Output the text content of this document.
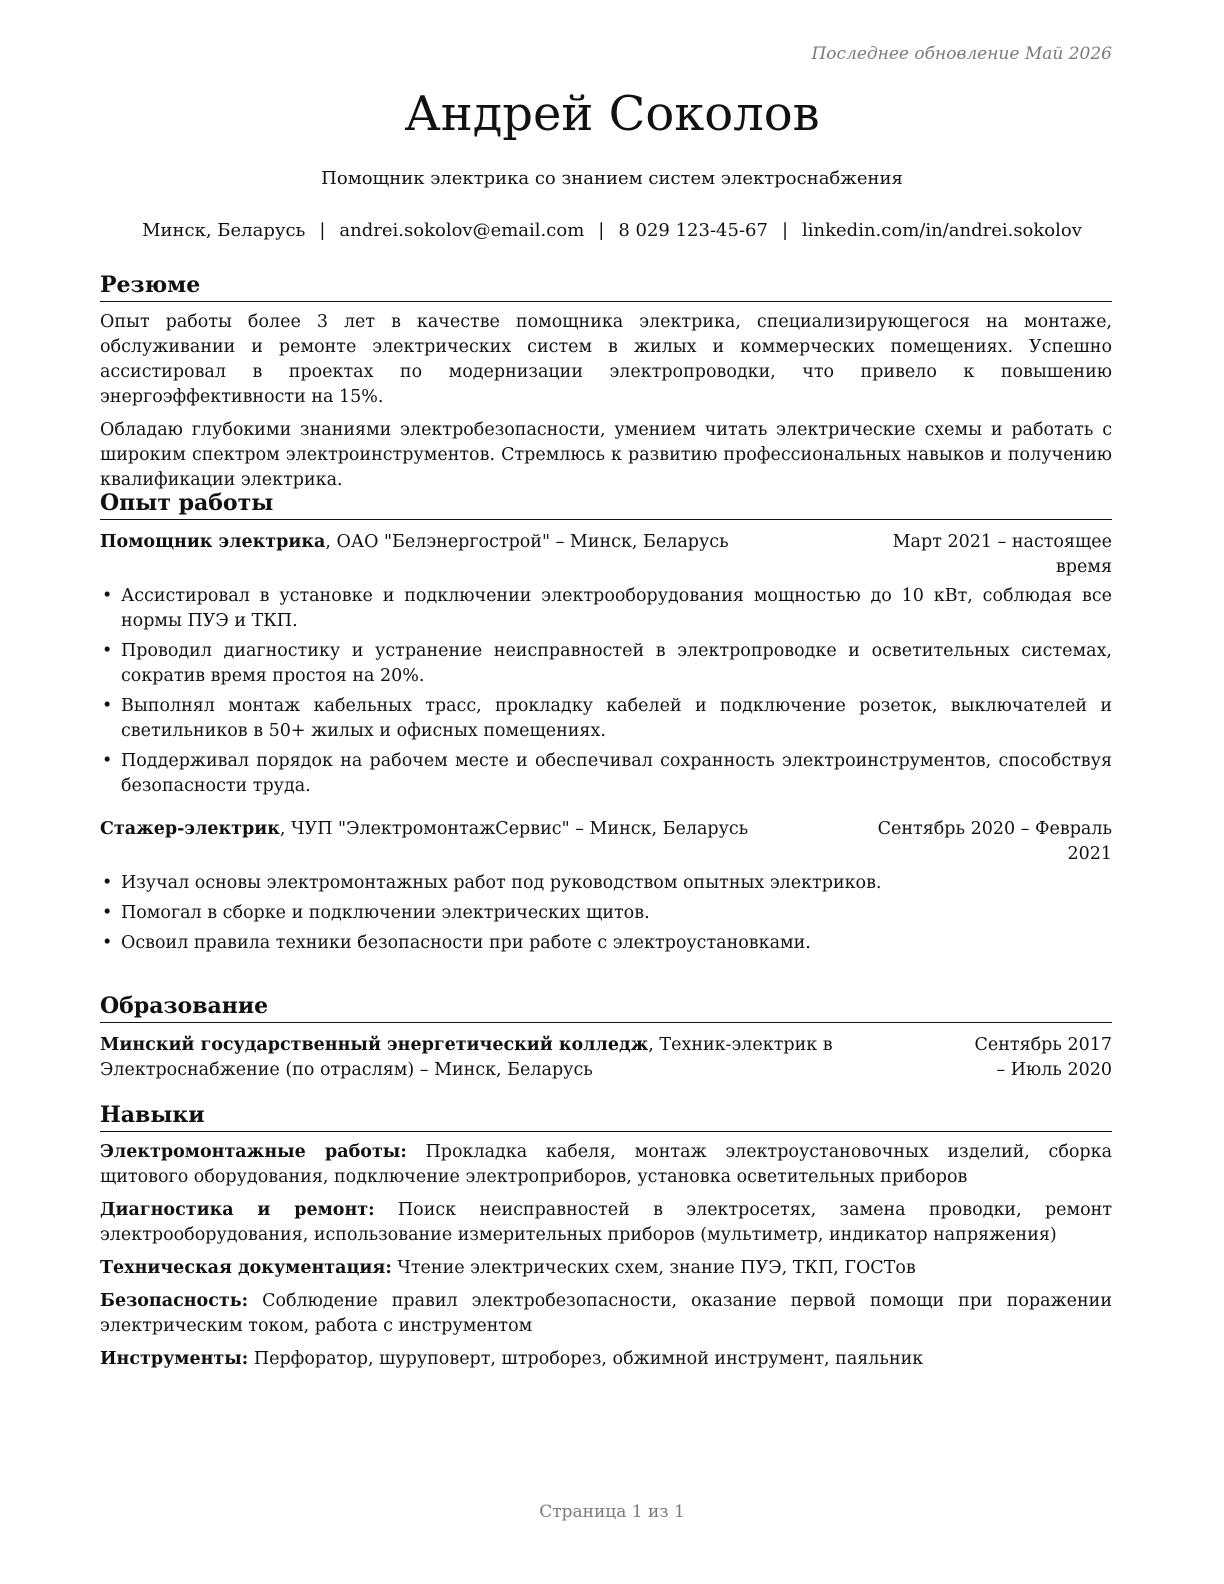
Последнее обновление Май 2026
Андрей Соколов
Помощник электрика со знанием систем электроснабжения
Минск, Беларусь | andrei.sokolov@email.com | 8 029 123-45-67 | linkedin.com/in/andrei.sokolov
Резюме

Опыт работы более 3 лет в качестве помощника электрика, специализирующегося на монтаже, обслуживании и ремонте электрических систем в жилых и коммерческих помещениях. Успешно ассистировал в проектах по модернизации электропроводки, что привело к повышению энергоэффективности на 15%.

Обладаю глубокими знаниями электробезопасности, умением читать электрические схемы и работать с широким спектром электроинструментов. Стремлюсь к развитию профессиональных навыков и получению квалификации электрика.

Опыт работы
Помощник электрика, ОАО "Белэнергострой" – Минск, Беларусь	Март 2021 – настоящее время
• Ассистировал в установке и подключении электрооборудования мощностью до 10 кВт, соблюдая все нормы ПУЭ и ТКП.
• Проводил диагностику и устранение неисправностей в электропроводке и осветительных системах, сократив время простоя на 20%.
• Выполнял монтаж кабельных трасс, прокладку кабелей и подключение розеток, выключателей и светильников в 50+ жилых и офисных помещениях.
• Поддерживал порядок на рабочем месте и обеспечивал сохранность электроинструментов, способствуя безопасности труда.
Стажер-электрик, ЧУП "ЭлектромонтажСервис" – Минск, Беларусь	Сентябрь 2020 – Февраль 2021
• Изучал основы электромонтажных работ под руководством опытных электриков.
• Помогал в сборке и подключении электрических щитов.
• Освоил правила техники безопасности при работе с электроустановками.
Образование
Минский государственный энергетический колледж, Техник-электрик в Электроснабжение (по отраслям) – Минск, Беларусь
Сентябрь 2017 – Июль 2020
Навыки
Электромонтажные работы: Прокладка кабеля, монтаж электроустановочных изделий, сборка щитового оборудования, подключение электроприборов, установка осветительных приборов
Диагностика и ремонт: Поиск неисправностей в электросетях, замена проводки, ремонт электрооборудования, использование измерительных приборов (мультиметр, индикатор напряжения)
Техническая документация: Чтение электрических схем, знание ПУЭ, ТКП, ГОСТов
Безопасность: Соблюдение правил электробезопасности, оказание первой помощи при поражении электрическим током, работа с инструментом
Инструменты: Перфоратор, шуруповерт, штроборез, обжимной инструмент, паяльник
Страница 1 из 1
